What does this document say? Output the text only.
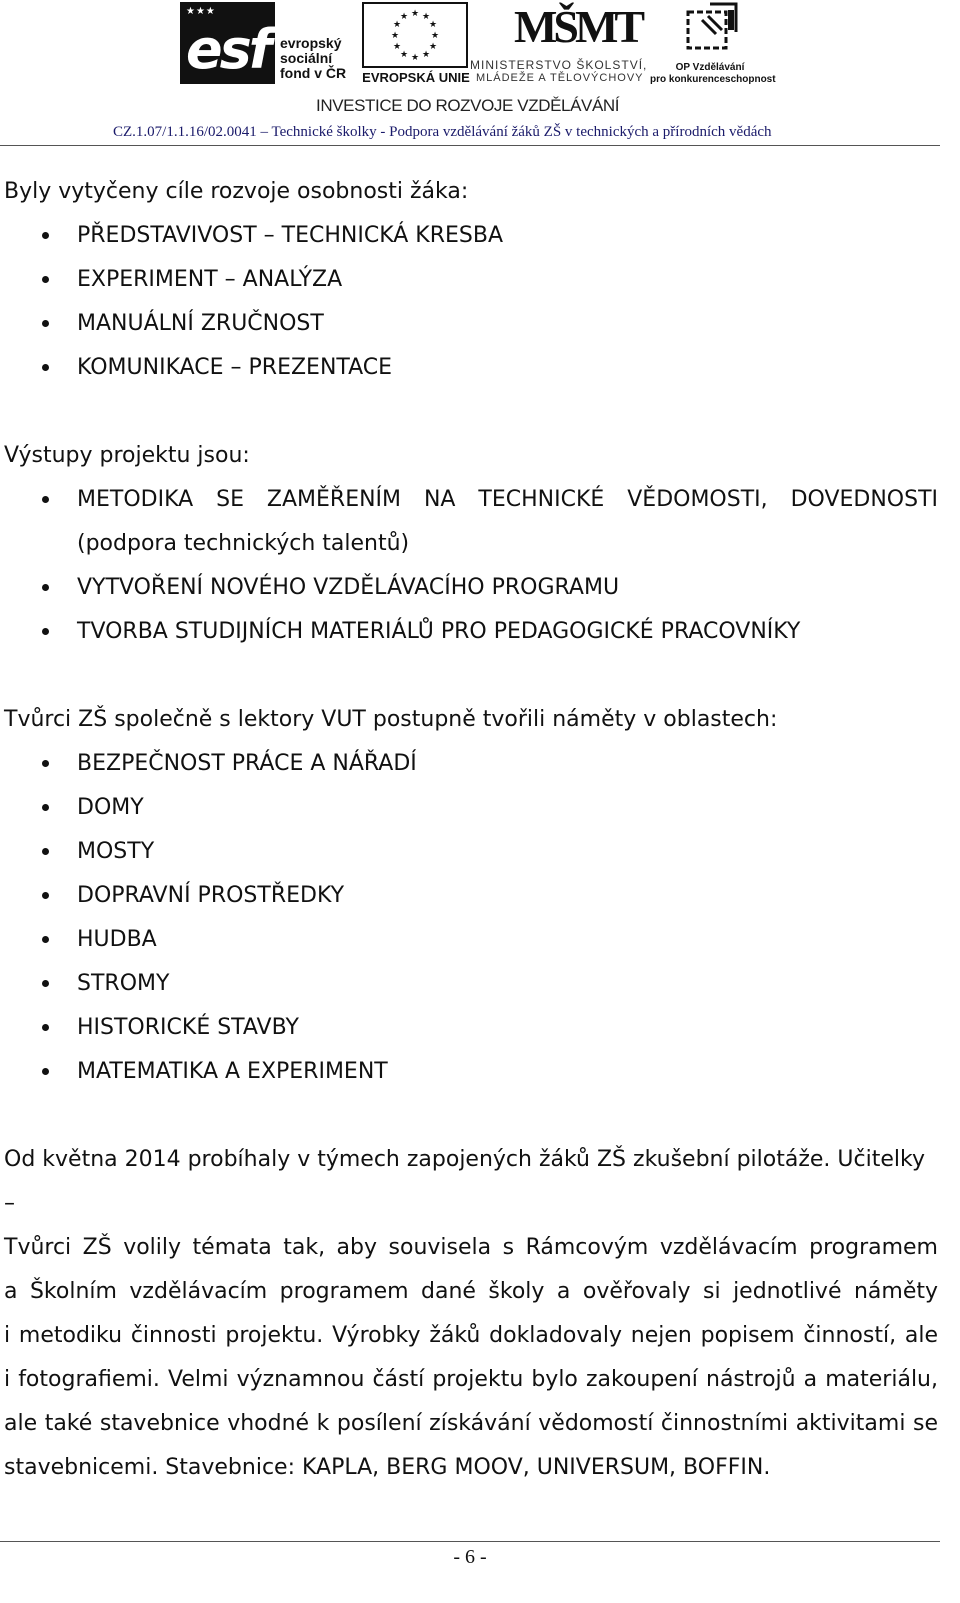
★★★
esf evropský
sociální
fond v ČR
★ ★
★
★
★
★
★
★
★
★
★
★
EVROPSKÁ UNIE
MŠMT
MINISTERSTVO ŠKOLSTVÍ,
MLÁDEŽE A TĚLOVÝCHOVY
OP Vzdělávání
pro konkurenceschopnost
INVESTICE DO ROZVOJE VZDĚLÁVÁNÍ
CZ.1.07/1.1.16/02.0041 – Technické školky - Podpora vzdělávání žáků ZŠ v technických a přírodních vědách

Byly vytyčeny cíle rozvoje osobnosti žáka:

PŘEDSTAVIVOST – TECHNICKÁ KRESBA
EXPERIMENT – ANALÝZA
MANUÁLNÍ ZRUČNOST
KOMUNIKACE – PREZENTACE

Výstupy projektu jsou:

METODIKA SE ZAMĚŘENÍM NA TECHNICKÉ VĚDOMOSTI, DOVEDNOSTI
(podpora technických talentů)
VYTVOŘENÍ NOVÉHO VZDĚLÁVACÍHO PROGRAMU
TVORBA STUDIJNÍCH MATERIÁLŮ PRO PEDAGOGICKÉ PRACOVNÍKY

Tvůrci ZŠ společně s lektory VUT postupně tvořili náměty v oblastech:

BEZPEČNOST PRÁCE A NÁŘADÍ
DOMY
MOSTY
DOPRAVNÍ PROSTŘEDKY
HUDBA
STROMY
HISTORICKÉ STAVBY
MATEMATIKA A EXPERIMENT
Od května 2014 probíhaly v týmech zapojených žáků ZŠ zkušební pilotáže. Učitelky –
Tvůrci ZŠ volily témata tak, aby souvisela s Rámcovým vzdělávacím programem
a Školním vzdělávacím programem dané školy a ověřovaly si jednotlivé náměty
i metodiku činnosti projektu. Výrobky žáků dokladovaly nejen popisem činností, ale
i fotografiemi. Velmi významnou částí projektu bylo zakoupení nástrojů a materiálu,
ale také stavebnice vhodné k posílení získávání vědomostí činnostními aktivitami se
stavebnicemi. Stavebnice: KAPLA, BERG MOOV, UNIVERSUM, BOFFIN.
- 6 -
